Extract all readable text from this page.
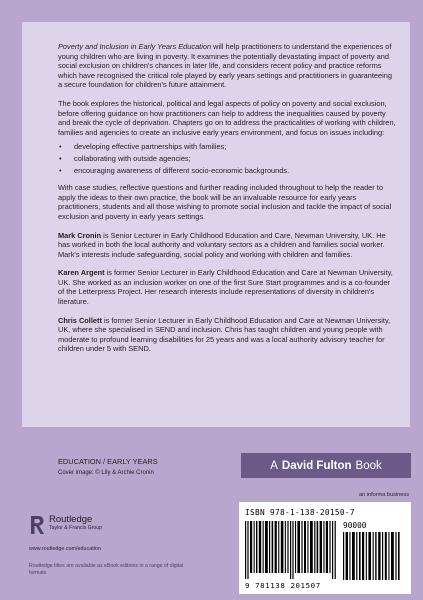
Poverty and Inclusion in Early Years Education will help practitioners to understand the experiences of young children who are living in poverty. It examines the potentially devastating impact of poverty and social exclusion on children's chances in later life, and considers recent policy and practice reforms which have recognised the critical role played by early years settings and practitioners in guaranteeing a secure foundation for children's future attainment.

The book explores the historical, political and legal aspects of policy on poverty and social exclusion, before offering guidance on how practitioners can help to address the inequalities caused by poverty and break the cycle of deprivation. Chapters go on to address the practicalities of working with children, families and agencies to create an inclusive early years environment, and focus on issues including:

• developing effective partnerships with families;
• collaborating with outside agencies;
• encouraging awareness of different socio-economic backgrounds.

With case studies, reflective questions and further reading included throughout to help the reader to apply the ideas to their own practice, the book will be an invaluable resource for early years practitioners, students and all those wishing to promote social inclusion and tackle the impact of social exclusion and poverty in early years settings.

Mark Cronin is Senior Lecturer in Early Childhood Education and Care, Newman University, UK. He has worked in both the local authority and voluntary sectors as a children and families social worker. Mark's interests include safeguarding, social policy and working with children and families.

Karen Argent is former Senior Lecturer in Early Childhood Education and Care at Newman University, UK. She worked as an inclusion worker on one of the first Sure Start programmes and is a co-founder of the Letterpress Project. Her research interests include representations of diversity in children's literature.

Chris Collett is former Senior Lecturer in Early Childhood Education and Care at Newman University, UK, where she specialised in SEND and inclusion. Chris has taught children and young people with moderate to profound learning disabilities for 25 years and was a local authority advisory teacher for children under 5 with SEND.

EDUCATION / EARLY YEARS
Cover image: © Lily & Archie Cronin
A David Fulton Book
an informa business
ISBN 978-1-138-20150-7
90000
9 781138 201507
Routledge
Taylor & Francis Group
www.routledge.com/education
Routledge titles are available as eBook editions in a range of digital formats
